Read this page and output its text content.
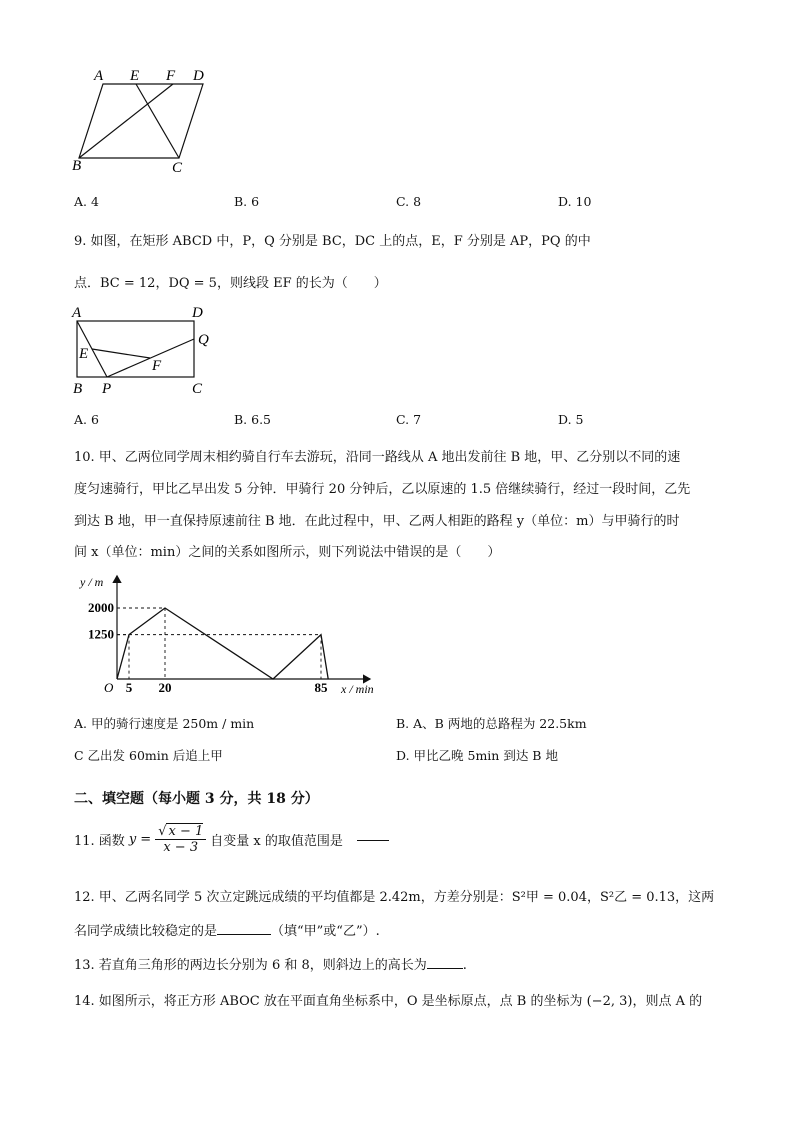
A E F D
B	C
A. 4	B. 6	C. 8	D. 10
9. 如图，在矩形 ABCD 中，P，Q 分别是 BC，DC 上的点，E，F 分别是 AP，PQ 的中
点．BC = 12，DQ = 5，则线段 EF 的长为（　　）
A	D
Q
E
F
B P	C
A. 6	B. 6.5	C. 7	D. 5
10. 甲、乙两位同学周末相约骑自行车去游玩，沿同一路线从 A 地出发前往 B 地，甲、乙分别以不同的速
度匀速骑行，甲比乙早出发 5 分钟．甲骑行 20 分钟后，乙以原速的 1.5 倍继续骑行，经过一段时间，乙先
到达 B 地，甲一直保持原速前往 B 地．在此过程中，甲、乙两人相距的路程 y（单位：m）与甲骑行的时
间 x（单位：min）之间的关系如图所示，则下列说法中错误的是（　　）
y / m
x / min
O 5 20	85
1250
2000
A. 甲的骑行速度是 250m / min	B. A、B 两地的总路程为 22.5km
C 乙出发 60min 后追上甲	D. 甲比乙晚 5min 到达 B 地
二、填空题（每小题 3 分，共 18 分）
11. 函数 $y = \frac{√ x - 1}{x - 3}$ 自变量 x 的取值范围是
12. 甲、乙两名同学 5 次立定跳远成绩的平均值都是 2.42m，方差分别是：S²甲 = 0.04，S²乙 = 0.13，这两
名同学成绩比较稳定的是	（填“甲”或“乙”）.
13. 若直角三角形的两边长分别为 6 和 8，则斜边上的高长为	.
14. 如图所示，将正方形 ABOC 放在平面直角坐标系中，O 是坐标原点，点 B 的坐标为 (−2, 3)，则点 A 的
